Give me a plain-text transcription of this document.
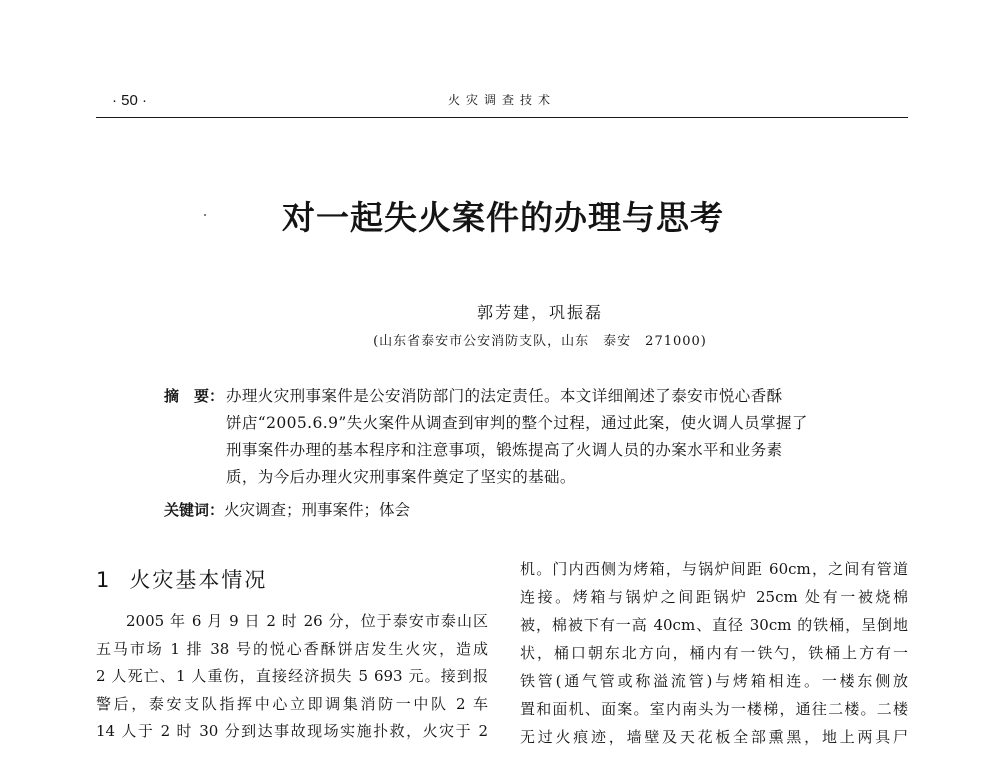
· 50 ·	火灾调查技术
对一起失火案件的办理与思考
郭芳建，巩振磊
(山东省泰安市公安消防支队，山东　泰安　271000)
摘　要： 办理火灾刑事案件是公安消防部门的法定责任。本文详细阐述了泰安市悦心香酥
饼店“2005.6.9”失火案件从调查到审判的整个过程，通过此案，使火调人员掌握了
刑事案件办理的基本程序和注意事项，锻炼提高了火调人员的办案水平和业务素
质，为今后办理火灾刑事案件奠定了坚实的基础。
关键词：火灾调查；刑事案件；体会
1 火灾基本情况
2005 年 6 月 9 日 2 时 26 分，位于泰安市泰山区
五马市场 1 排 38 号的悦心香酥饼店发生火灾，造成
2 人死亡、1 人重伤，直接经济损失 5 693 元。接到报
警后，泰安支队指挥中心立即调集消防一中队 2 车
14 人于 2 时 30 分到达事故现场实施扑救，火灾于 2
机。门内西侧为烤箱，与锅炉间距 60cm，之间有管道
连接。烤箱与锅炉之间距锅炉 25cm 处有一被烧棉
被，棉被下有一高 40cm、直径 30cm 的铁桶，呈倒地
状，桶口朝东北方向，桶内有一铁勺，铁桶上方有一
铁管(通气管或称溢流管)与烤箱相连。一楼东侧放
置和面机、面案。室内南头为一楼梯，通往二楼。二楼
无过火痕迹，墙壁及天花板全部熏黑，地上两具尸
